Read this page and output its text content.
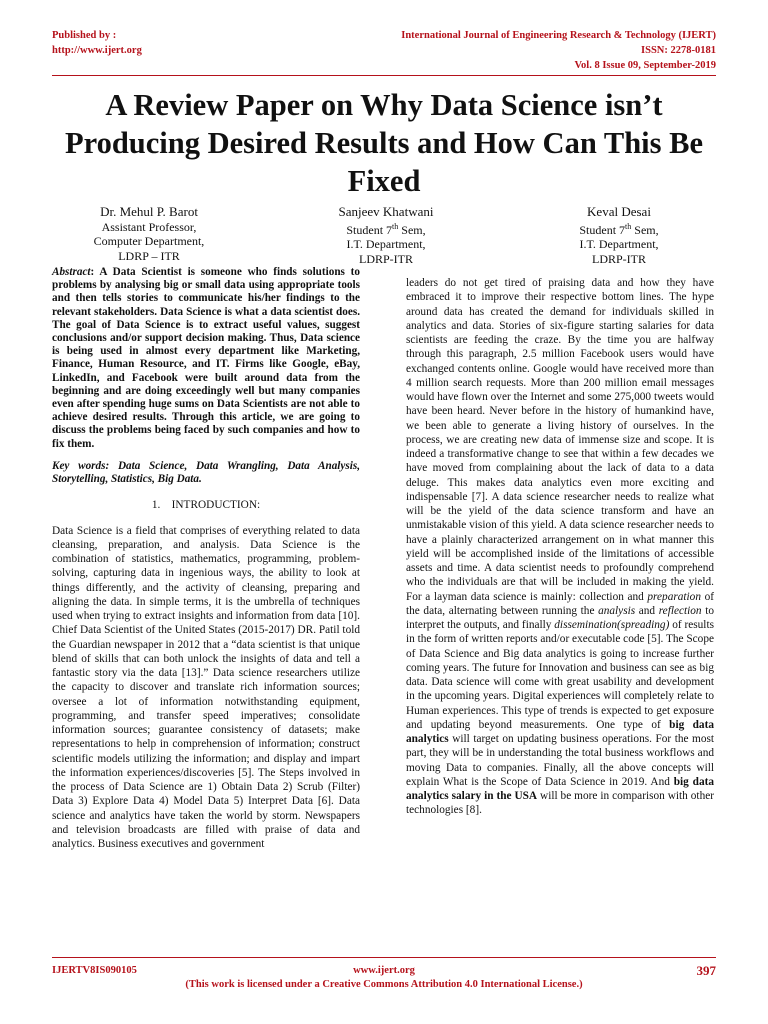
Published by :
http://www.ijert.org
International Journal of Engineering Research & Technology (IJERT)
ISSN: 2278-0181
Vol. 8 Issue 09, September-2019
A Review Paper on Why Data Science isn’t Producing Desired Results and How Can This Be Fixed
Dr. Mehul P. Barot
Assistant Professor,
Computer Department,
LDRP – ITR
Sanjeev Khatwani
Student 7th Sem,
I.T. Department,
LDRP-ITR
Keval Desai
Student 7th Sem,
I.T. Department,
LDRP-ITR

Abstract: A Data Scientist is someone who finds solutions to problems by analysing big or small data using appropriate tools and then tells stories to communicate his/her findings to the relevant stakeholders. Data Science is what a data scientist does. The goal of Data Science is to extract useful values, suggest conclusions and/or support decision making. Thus, Data science is being used in almost every department like Marketing, Finance, Human Resource, and IT. Firms like Google, eBay, LinkedIn, and Facebook were built around data from the beginning and are doing exceedingly well but many companies even after spending huge sums on Data Scientists are not able to achieve desired results. Through this article, we are going to discuss the problems being faced by such companies and how to fix them.

Key words: Data Science, Data Wrangling, Data Analysis, Storytelling, Statistics, Big Data.

1. INTRODUCTION:

Data Science is a field that comprises of everything related to data cleansing, preparation, and analysis. Data Science is the combination of statistics, mathematics, programming, problem-solving, capturing data in ingenious ways, the ability to look at things differently, and the activity of cleansing, preparing and aligning the data. In simple terms, it is the umbrella of techniques used when trying to extract insights and information from data [10]. Chief Data Scientist of the United States (2015-2017) DR. Patil told the Guardian newspaper in 2012 that a “data scientist is that unique blend of skills that can both unlock the insights of data and tell a fantastic story via the data [13].” Data science researchers utilize the capacity to discover and translate rich information sources; oversee a lot of information notwithstanding equipment, programming, and transfer speed imperatives; consolidate information sources; guarantee consistency of datasets; make representations to help in comprehension of information; construct scientific models utilizing the information; and display and impart the information experiences/discoveries [5]. The Steps involved in the process of Data Science are 1) Obtain Data 2) Scrub (Filter) Data 3) Explore Data 4) Model Data 5) Interpret Data [6]. Data science and analytics have taken the world by storm. Newspapers and television broadcasts are filled with praise of data and analytics. Business executives and government

leaders do not get tired of praising data and how they have embraced it to improve their respective bottom lines. The hype around data has created the demand for individuals skilled in analytics and data. Stories of six-figure starting salaries for data scientists are feeding the craze. By the time you are halfway through this paragraph, 2.5 million Facebook users would have exchanged contents online. Google would have received more than 4 million search requests. More than 200 million email messages would have flown over the Internet and some 275,000 tweets would have been heard. Never before in the history of humankind have, we been able to generate a living history of ourselves. In the process, we are creating new data of immense size and scope. It is indeed a transformative change to see that within a few decades we have moved from complaining about the lack of data to a data deluge. This makes data analytics even more exciting and indispensable [7]. A data science researcher needs to realize what will be the yield of the data science transform and have an unmistakable vision of this yield. A data science researcher needs to have a plainly characterized arrangement on in what manner this yield will be accomplished inside of the limitations of accessible assets and time. A data scientist needs to profoundly comprehend who the individuals are that will be included in making the yield. For a layman data science is mainly: collection and preparation of the data, alternating between running the analysis and reflection to interpret the outputs, and finally dissemination(spreading) of results in the form of written reports and/or executable code [5]. The Scope of Data Science and Big data analytics is going to increase further coming years. The future for Innovation and business can see as big data. Data science will come with great usability and development in the upcoming years. Digital experiences will completely relate to Human experiences. This type of trends is expected to get exposure and updating beyond measurements. One type of big data analytics will target on updating business operations. For the most part, they will be in understanding the total business workflows and moving Data to companies. Finally, all the above concepts will explain What is the Scope of Data Science in 2019. And big data analytics salary in the USA will be more in comparison with other technologies [8].

IJERTV8IS090105	www.ijert.org	397
(This work is licensed under a Creative Commons Attribution 4.0 International License.)
